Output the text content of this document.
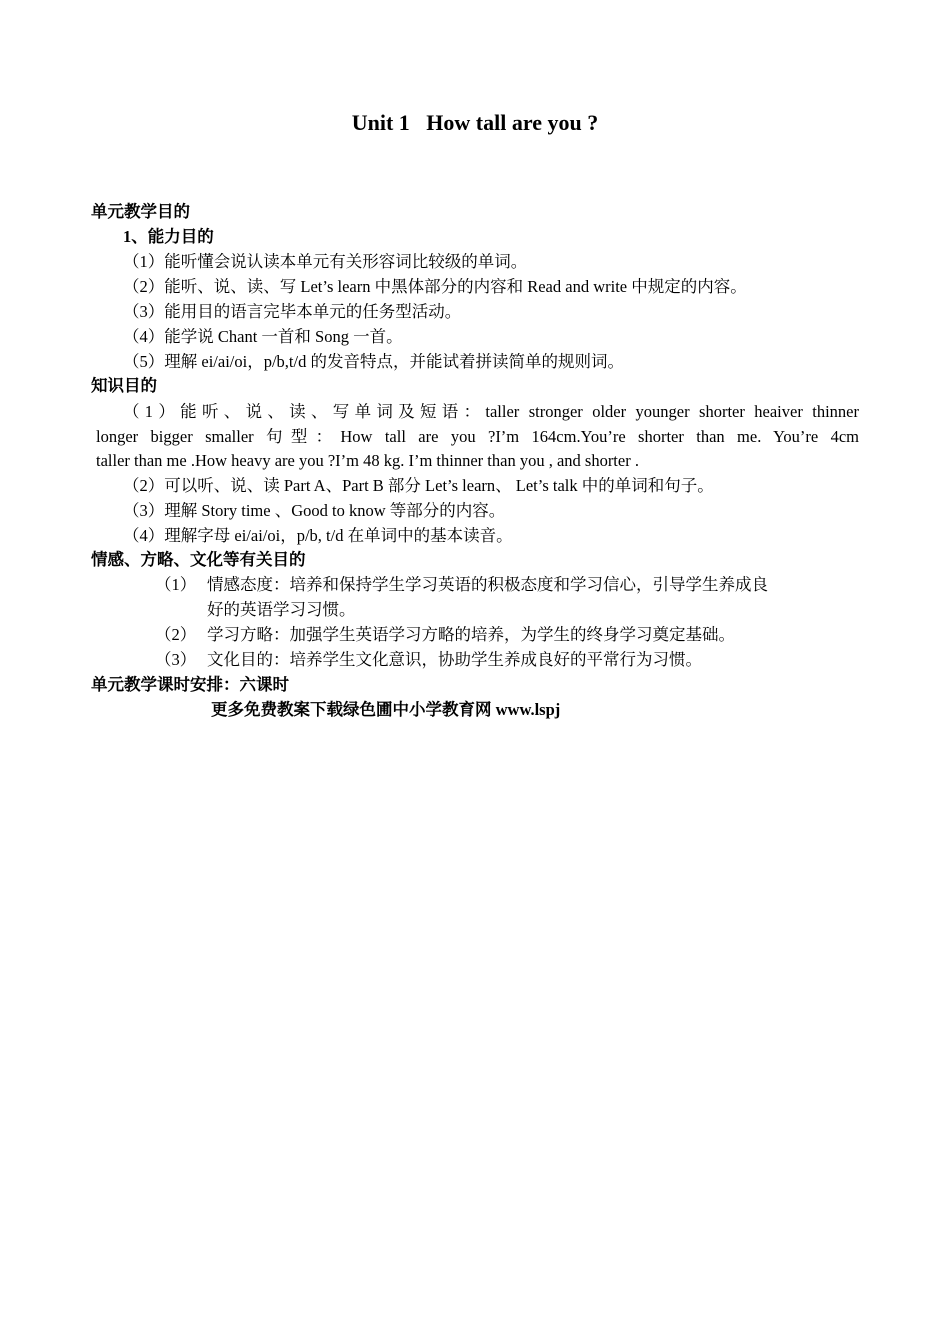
Unit 1   How tall are you ?
单元教学目的
1、能力目的
（1）能听懂会说认读本单元有关形容词比较级的单词。
（2）能听、说、读、写 Let’s learn 中黑体部分的内容和 Read and write 中规定的内容。
（3）能用目的语言完毕本单元的任务型活动。
（4）能学说 Chant 一首和 Song 一首。
（5）理解 ei/ai/oi，p/b,t/d 的发音特点，并能试着拼读简单的规则词。
知识目的
（1）能听、说、读、写单词及短语：taller stronger older younger shorter heaiver thinner
longer bigger smaller 句型：How tall are you ?I’m 164cm.You’re shorter than me. You’re 4cm
taller than me .How heavy are you ?I’m 48 kg. I’m thinner than you , and shorter .
（2）可以听、说、读 Part A、Part B 部分 Let’s learn、 Let’s talk 中的单词和句子。
（3）理解 Story time 、Good to know 等部分的内容。
（4）理解字母 ei/ai/oi，p/b, t/d 在单词中的基本读音。
情感、方略、文化等有关目的
（1） 情感态度：培养和保持学生学习英语的积极态度和学习信心，引导学生养成良
好的英语学习习惯。
（2） 学习方略：加强学生英语学习方略的培养，为学生的终身学习奠定基础。
（3） 文化目的：培养学生文化意识，协助学生养成良好的平常行为习惯。
单元教学课时安排：六课时
更多免费教案下载绿色圃中小学教育网 www.lspj
